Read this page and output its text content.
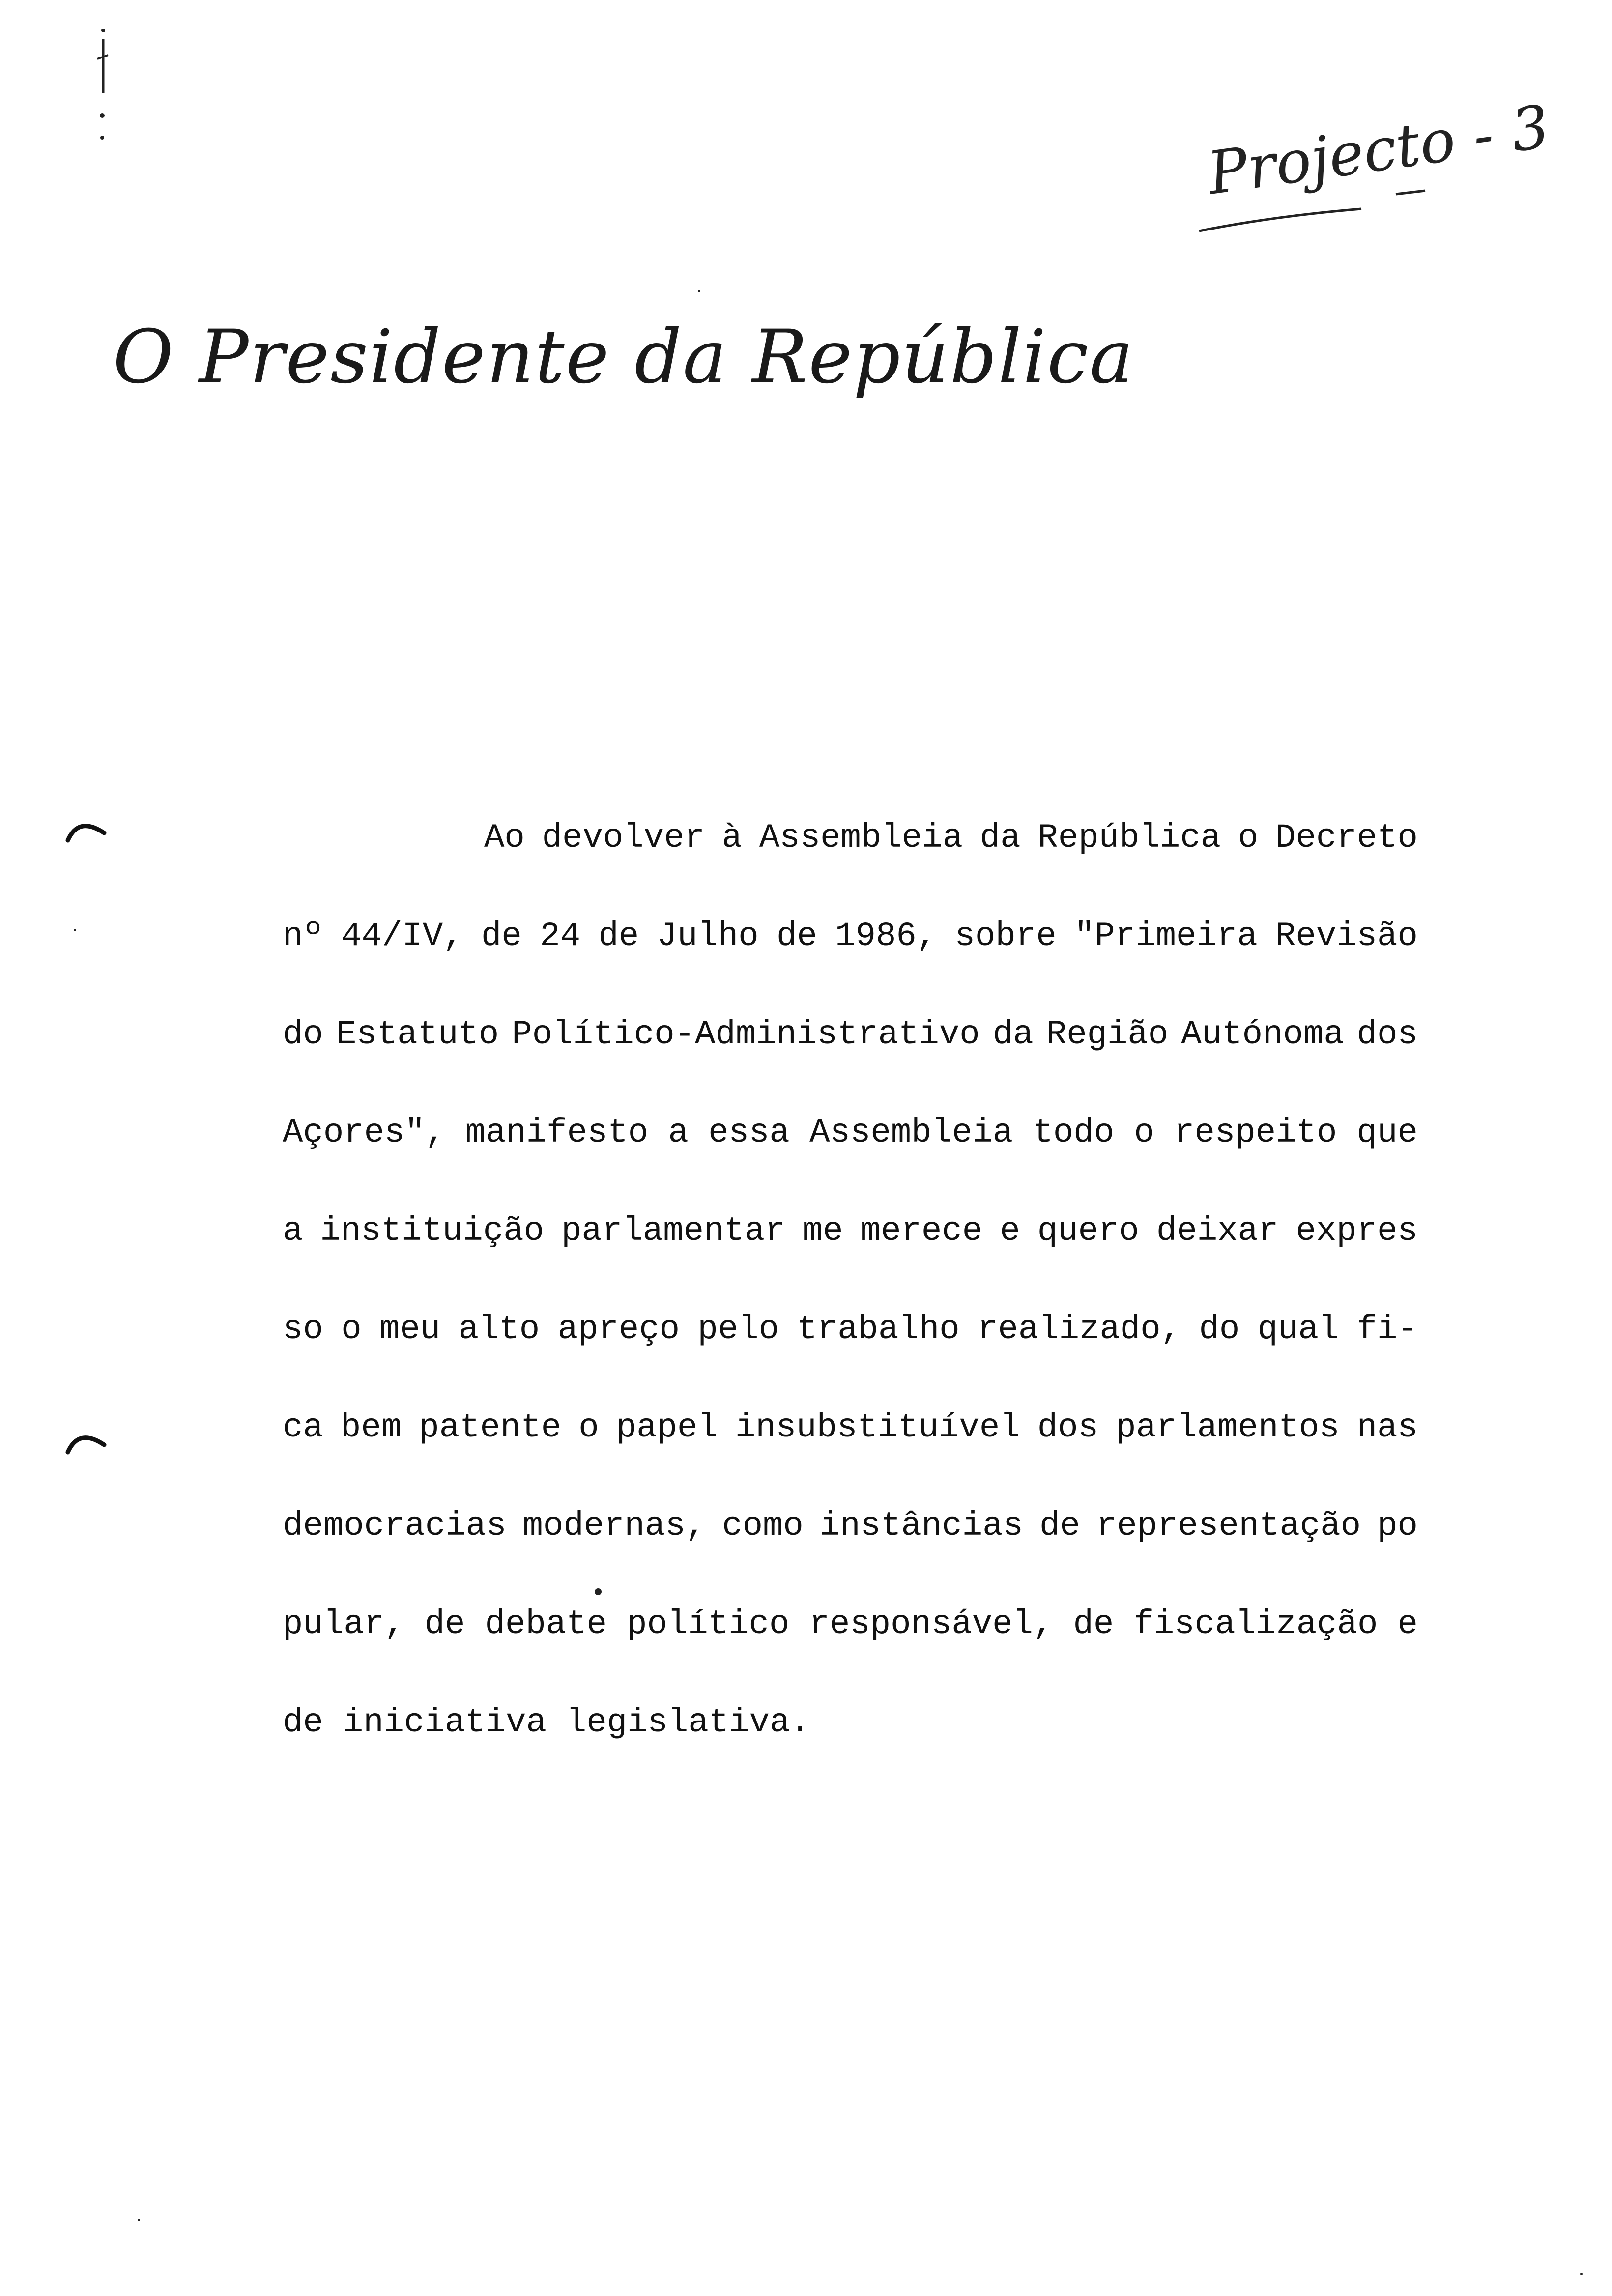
Projecto - 3
O Presidente da República
Ao devolver à Assembleia da República o Decreto
nº 44/IV, de 24 de Julho de 1986, sobre "Primeira Revisão
do Estatuto Político-Administrativo da Região Autónoma dos
Açores", manifesto a essa Assembleia todo o respeito que
a instituição parlamentar me merece e quero deixar expres
so o meu alto apreço pelo trabalho realizado, do qual fi-
ca bem patente o papel insubstituível dos parlamentos nas
democracias modernas, como instâncias de representação po
pular, de debate político responsável, de fiscalização e
de iniciativa legislativa.
